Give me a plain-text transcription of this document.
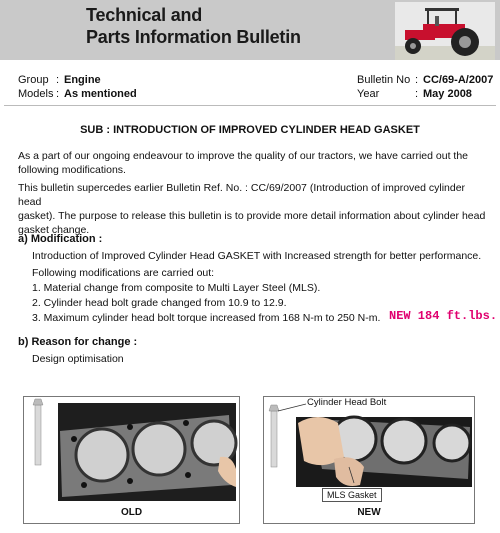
Technical and
Parts Information Bulletin
Group : Engine
Models : As mentioned
Bulletin No : CC/69-A/2007
Year	: May 2008
SUB : INTRODUCTION OF IMPROVED CYLINDER HEAD GASKET
As a part of our ongoing endeavour to improve the quality of our tractors, we have carried out the
following modifications.
This bulletin supercedes earlier Bulletin Ref. No. : CC/69/2007 (Introduction of improved cylinder head
gasket). The purpose to release this bulletin is to provide more detail information about cylinder head
gasket change.
a) Modification :
Introduction of Improved Cylinder Head GASKET with Increased strength for better performance.
Following modifications are carried out:
1. Material change from composite to Multi Layer Steel (MLS).
2. Cylinder head bolt grade changed from 10.9 to 12.9.
3. Maximum cylinder head bolt torque increased from 168 N-m to 250 N-m. NEW 184 ft.lbs.
b) Reason for change :
Design optimisation
OLD
Cylinder Head Bolt
MLS Gasket
NEW
